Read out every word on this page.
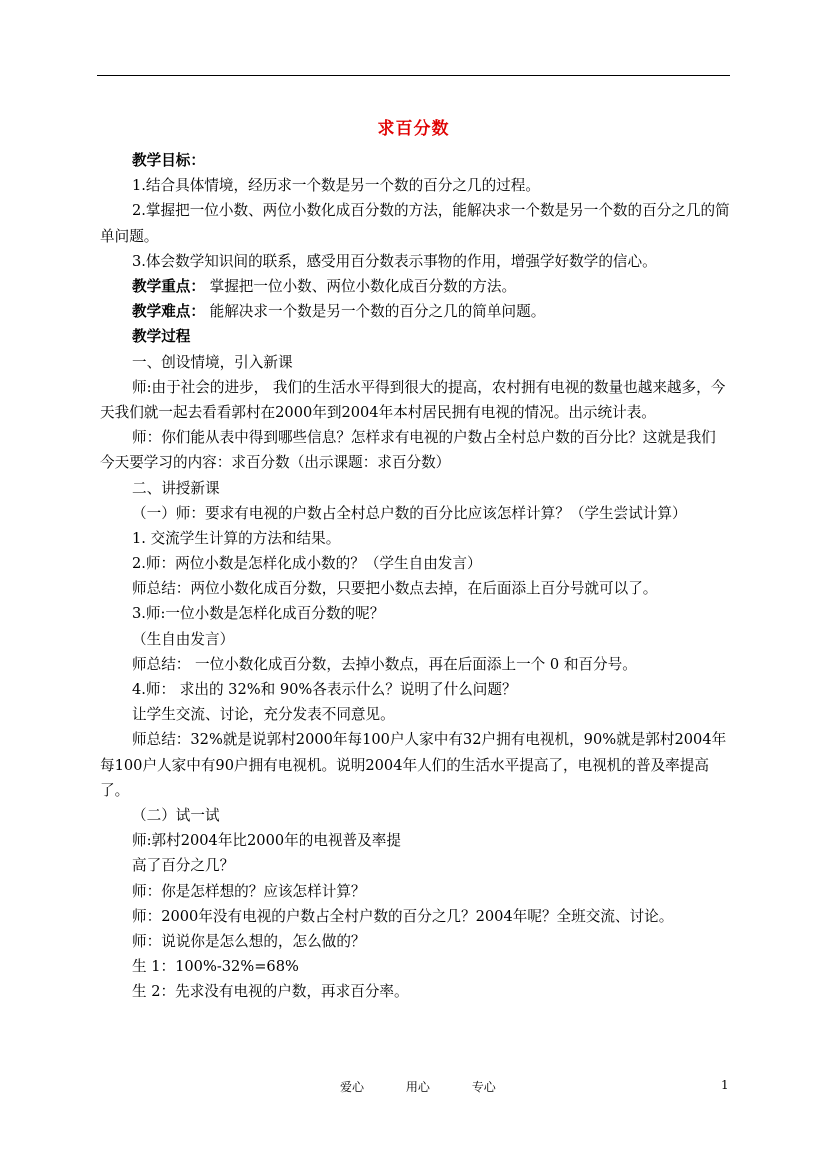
求百分数
教学目标：
1.结合具体情境，经历求一个数是另一个数的百分之几的过程。
2.掌握把一位小数、两位小数化成百分数的方法，能解决求一个数是另一个数的百分之几的简单问题。
3.体会数学知识间的联系，感受用百分数表示事物的作用，增强学好数学的信心。
教学重点： 掌握把一位小数、两位小数化成百分数的方法。
教学难点： 能解决求一个数是另一个数的百分之几的简单问题。
教学过程
一、创设情境，引入新课
师:由于社会的进步， 我们的生活水平得到很大的提高，农村拥有电视的数量也越来越多，今天我们就一起去看看郭村在2000年到2004年本村居民拥有电视的情况。出示统计表。
师：你们能从表中得到哪些信息？怎样求有电视的户数占全村总户数的百分比？这就是我们今天要学习的内容：求百分数（出示课题：求百分数）
二、讲授新课
（一）师：要求有电视的户数占全村总户数的百分比应该怎样计算？（学生尝试计算）
1. 交流学生计算的方法和结果。
2.师：两位小数是怎样化成小数的？（学生自由发言）
师总结：两位小数化成百分数，只要把小数点去掉，在后面添上百分号就可以了。
3.师:一位小数是怎样化成百分数的呢？
（生自由发言）
师总结： 一位小数化成百分数，去掉小数点，再在后面添上一个 0 和百分号。
4.师： 求出的 32%和 90%各表示什么？说明了什么问题？
让学生交流、讨论，充分发表不同意见。
师总结：32%就是说郭村2000年每100户人家中有32户拥有电视机，90%就是郭村2004年每100户人家中有90户拥有电视机。说明2004年人们的生活水平提高了，电视机的普及率提高了。
（二）试一试
师:郭村2004年比2000年的电视普及率提
高了百分之几？
师：你是怎样想的？应该怎样计算？
师：2000年没有电视的户数占全村户数的百分之几？2004年呢？全班交流、讨论。
师：说说你是怎么想的，怎么做的？
生 1：100%-32%=68%
生 2：先求没有电视的户数，再求百分率。
爱心	用心	专心	1
